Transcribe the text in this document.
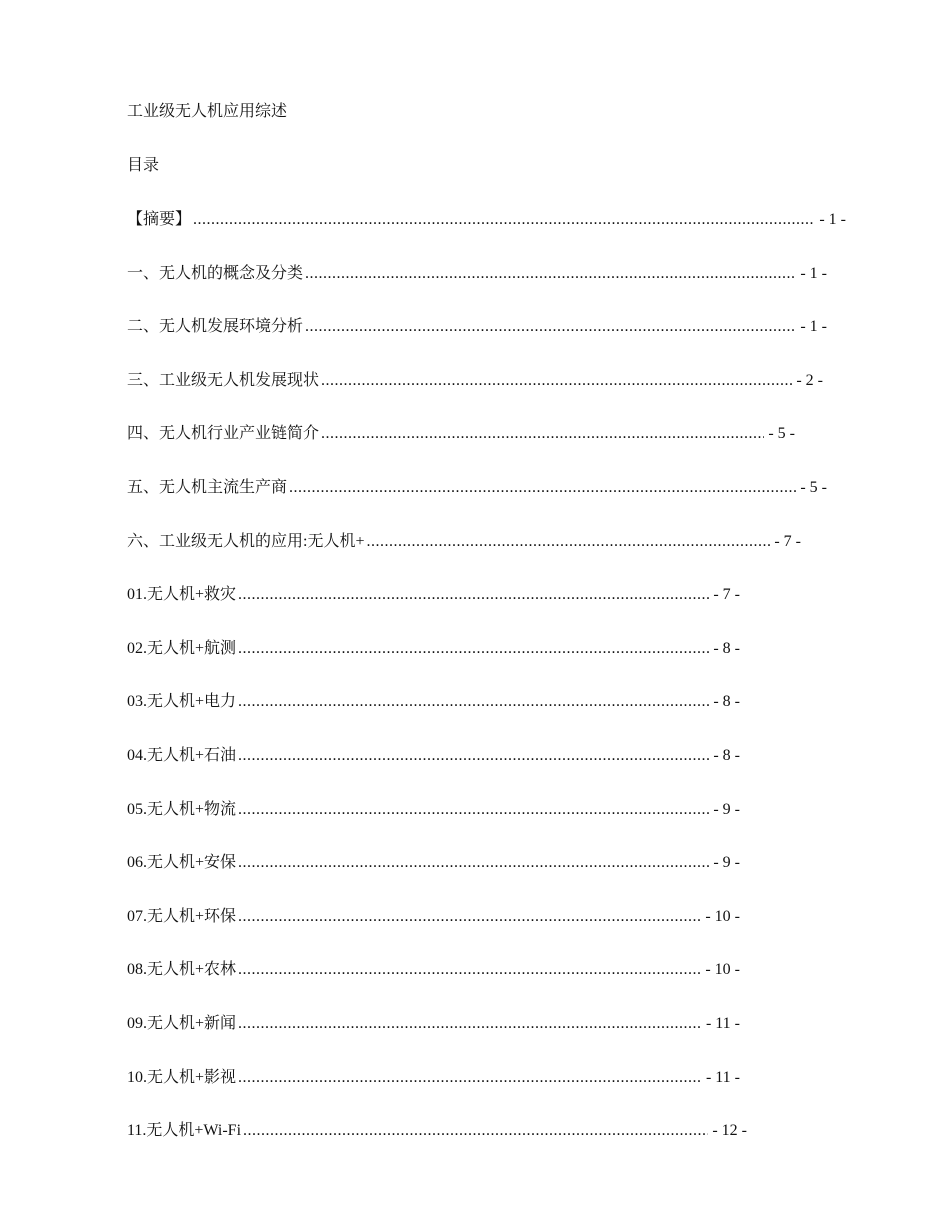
工业级无人机应用综述
目录
【摘要】 .....	- 1 -
一、无人机的概念及分类 .....	- 1 -
二、无人机发展环境分析 .....	- 1 -
三、工业级无人机发展现状 .....	- 2 -
四、无人机行业产业链简介 .....	- 5 -
五、无人机主流生产商 .....	- 5 -
六、工业级无人机的应用:无人机+ .....	- 7 -
01.无人机+救灾 .....	- 7 -
02.无人机+航测 .....	- 8 -
03.无人机+电力 .....	- 8 -
04.无人机+石油 .....	- 8 -
05.无人机+物流 .....	- 9 -
06.无人机+安保 .....	- 9 -
07.无人机+环保 .....	- 10 -
08.无人机+农林 .....	- 10 -
09.无人机+新闻 .....	- 11 -
10.无人机+影视 .....	- 11 -
11.无人机+Wi-Fi .....	- 12 -
